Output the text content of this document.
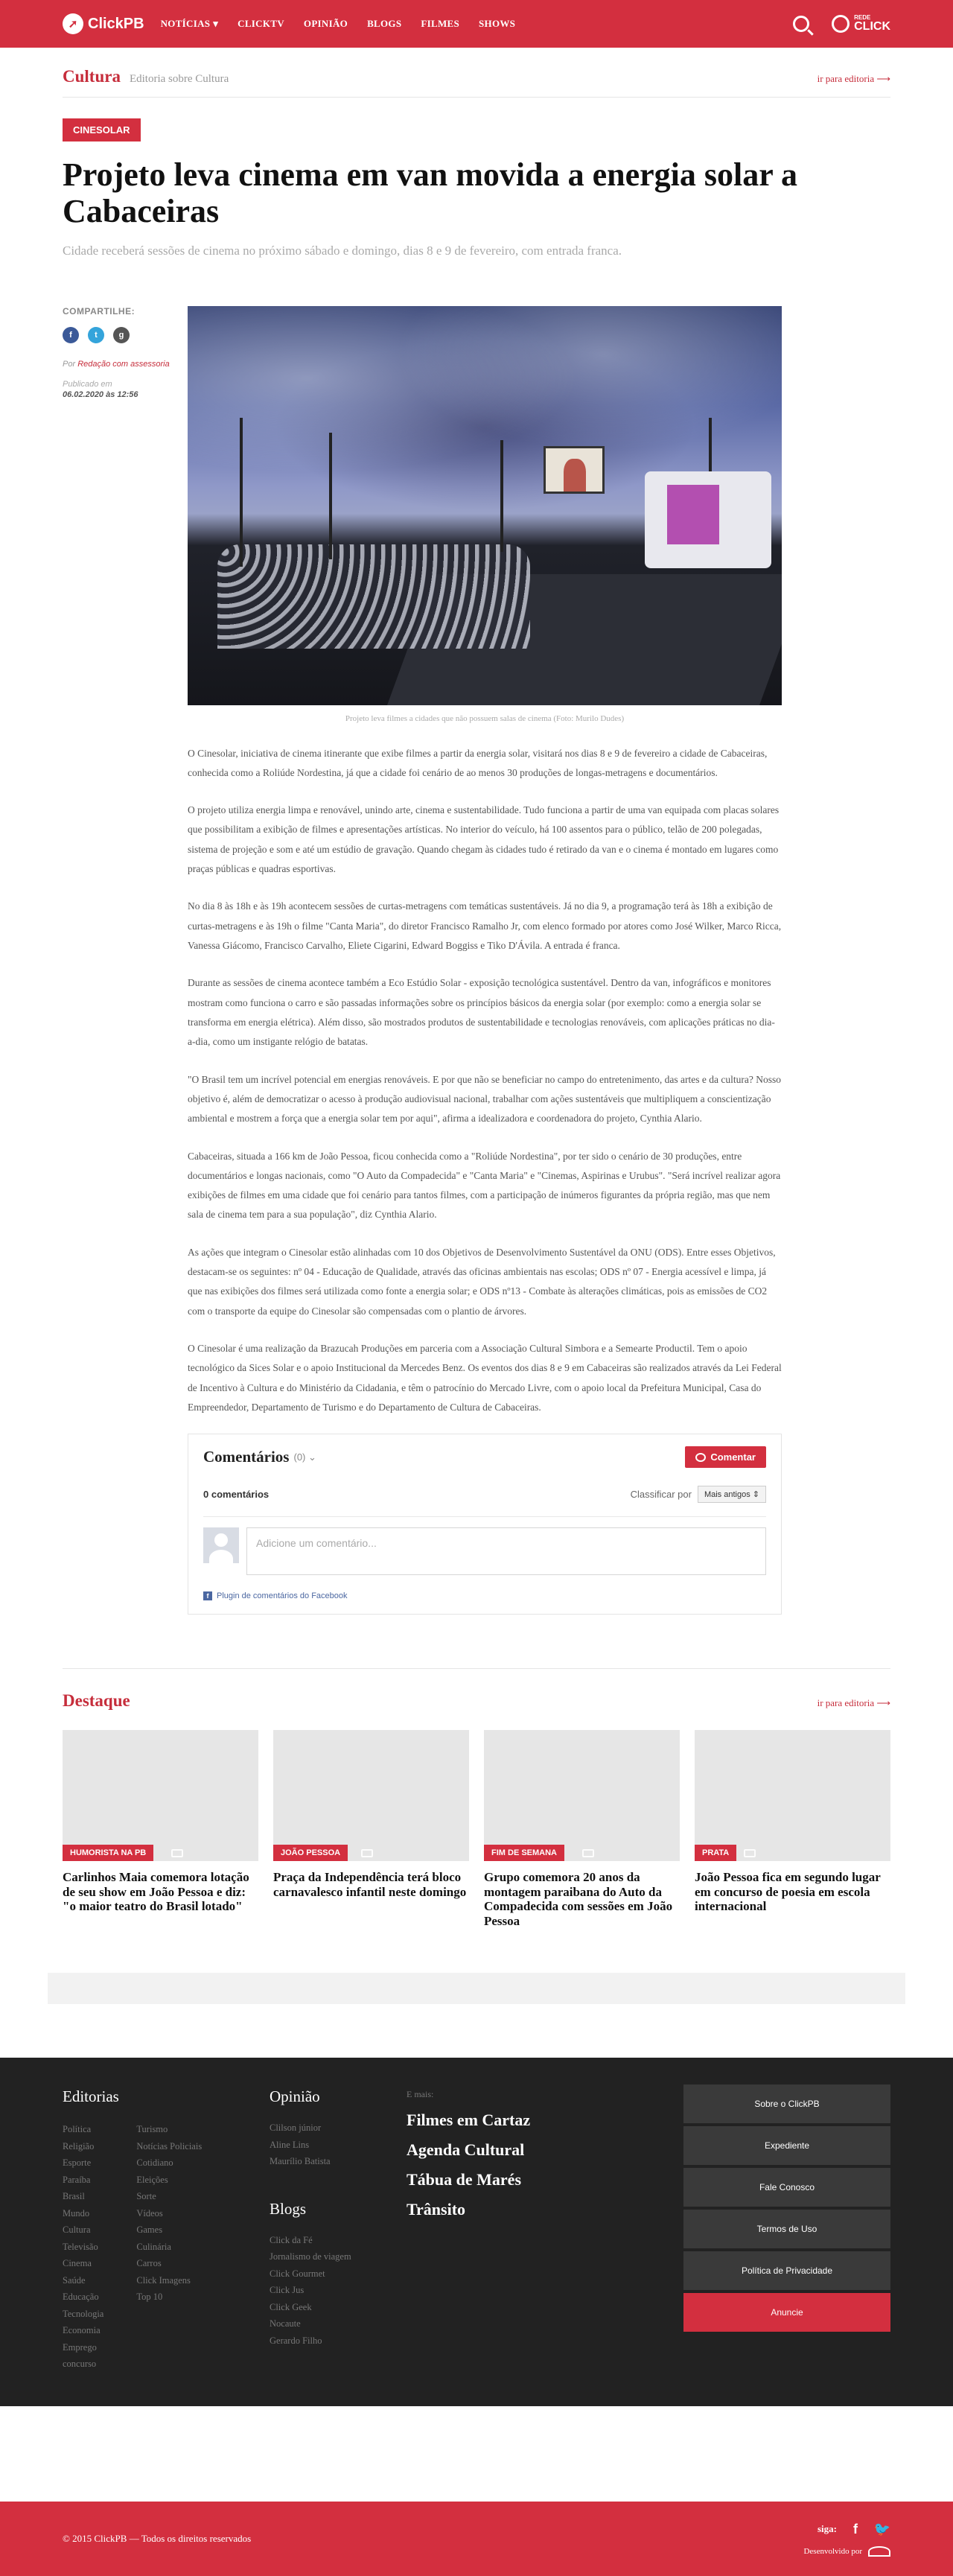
➚ ClickPB NOTÍCIAS ▾ CLICKTV OPINIÃO BLOGS FILMES SHOWS
REDE
CLICK
Cultura Editoria sobre Cultura	ir para editoria ⟶
CINESOLAR
Projeto leva cinema em van movida a energia solar a Cabaceiras

Cidade receberá sessões de cinema no próximo sábado e domingo, dias 8 e 9 de fevereiro, com entrada franca.

COMPARTILHE:
f	t	g
Por Redação com assessoria
Publicado em
06.02.2020 às 12:56
Projeto leva filmes a cidades que não possuem salas de cinema (Foto: Murilo Dudes)

O Cinesolar, iniciativa de cinema itinerante que exibe filmes a partir da energia solar, visitará nos dias 8 e 9 de fevereiro a cidade de Cabaceiras, conhecida como a Roliúde Nordestina, já que a cidade foi cenário de ao menos 30 produções de longas-metragens e documentários.

O projeto utiliza energia limpa e renovável, unindo arte, cinema e sustentabilidade. Tudo funciona a partir de uma van equipada com placas solares que possibilitam a exibição de filmes e apresentações artísticas. No interior do veículo, há 100 assentos para o público, telão de 200 polegadas, sistema de projeção e som e até um estúdio de gravação. Quando chegam às cidades tudo é retirado da van e o cinema é montado em lugares como praças públicas e quadras esportivas.

No dia 8 às 18h e às 19h acontecem sessões de curtas-metragens com temáticas sustentáveis. Já no dia 9, a programação terá às 18h a exibição de curtas-metragens e às 19h o filme "Canta Maria", do diretor Francisco Ramalho Jr, com elenco formado por atores como José Wilker, Marco Ricca, Vanessa Giácomo, Francisco Carvalho, Eliete Cigarini, Edward Boggiss e Tiko D'Ávila. A entrada é franca.

Durante as sessões de cinema acontece também a Eco Estúdio Solar - exposição tecnológica sustentável. Dentro da van, infográficos e monitores mostram como funciona o carro e são passadas informações sobre os princípios básicos da energia solar (por exemplo: como a energia solar se transforma em energia elétrica). Além disso, são mostrados produtos de sustentabilidade e tecnologias renováveis, com aplicações práticas no dia-a-dia, como um instigante relógio de batatas.

"O Brasil tem um incrível potencial em energias renováveis. E por que não se beneficiar no campo do entretenimento, das artes e da cultura? Nosso objetivo é, além de democratizar o acesso à produção audiovisual nacional, trabalhar com ações sustentáveis que multipliquem a conscientização ambiental e mostrem a força que a energia solar tem por aqui", afirma a idealizadora e coordenadora do projeto, Cynthia Alario.

Cabaceiras, situada a 166 km de João Pessoa, ficou conhecida como a "Roliúde Nordestina", por ter sido o cenário de 30 produções, entre documentários e longas nacionais, como "O Auto da Compadecida" e "Canta Maria" e "Cinemas, Aspirinas e Urubus". "Será incrível realizar agora exibições de filmes em uma cidade que foi cenário para tantos filmes, com a participação de inúmeros figurantes da própria região, mas que nem sala de cinema tem para a sua população", diz Cynthia Alario.

As ações que integram o Cinesolar estão alinhadas com 10 dos Objetivos de Desenvolvimento Sustentável da ONU (ODS). Entre esses Objetivos, destacam-se os seguintes: nº 04 - Educação de Qualidade, através das oficinas ambientais nas escolas; ODS nº 07 - Energia acessível e limpa, já que nas exibições dos filmes será utilizada como fonte a energia solar; e ODS nº13 - Combate às alterações climáticas, pois as emissões de CO2 com o transporte da equipe do Cinesolar são compensadas com o plantio de árvores.

O Cinesolar é uma realização da Brazucah Produções em parceria com a Associação Cultural Simbora e a Semearte Productil. Tem o apoio tecnológico da Sices Solar e o apoio Institucional da Mercedes Benz. Os eventos dos dias 8 e 9 em Cabaceiras são realizados através da Lei Federal de Incentivo à Cultura e do Ministério da Cidadania, e têm o patrocínio do Mercado Livre, com o apoio local da Prefeitura Municipal, Casa do Empreendedor, Departamento de Turismo e do Departamento de Cultura de Cabaceiras.

Comentários (0) ⌄	Comentar
0 comentários	Classificar por	Mais antigos ⇕
Adicione um comentário...
f Plugin de comentários do Facebook
Destaque	ir para editoria ⟶
HUMORISTA NA PB
Carlinhos Maia comemora lotação de seu show em João Pessoa e diz: "o maior teatro do Brasil lotado"
JOÃO PESSOA
Praça da Independência terá bloco carnavalesco infantil neste domingo
FIM DE SEMANA
Grupo comemora 20 anos da montagem paraibana do Auto da Compadecida com sessões em João Pessoa
PRATA
João Pessoa fica em segundo lugar em concurso de poesia em escola internacional
Editorias
Política
Religião
Esporte
Paraíba
Brasil
Mundo
Cultura
Televisão
Cinema
Saúde
Educação
Tecnologia
Economia
Emprego
concurso
Turismo
Notícias Policiais
Cotidiano
Eleições
Sorte
Vídeos
Games
Culinária
Carros
Click Imagens
Top 10
Opinião
Clilson júnior
Aline Lins
Maurílio Batista
Blogs
Click da Fé
Jornalismo de viagem
Click Gourmet
Click Jus
Click Geek
Nocaute
Gerardo Filho
E mais:
Filmes em Cartaz
Agenda Cultural
Tábua de Marés
Trânsito
Sobre o ClickPB
Expediente
Fale Conosco
Termos de Uso
Política de Privacidade
Anuncie
© 2015 ClickPB — Todos os direitos reservados
siga:	f	🐦
Desenvolvido por
